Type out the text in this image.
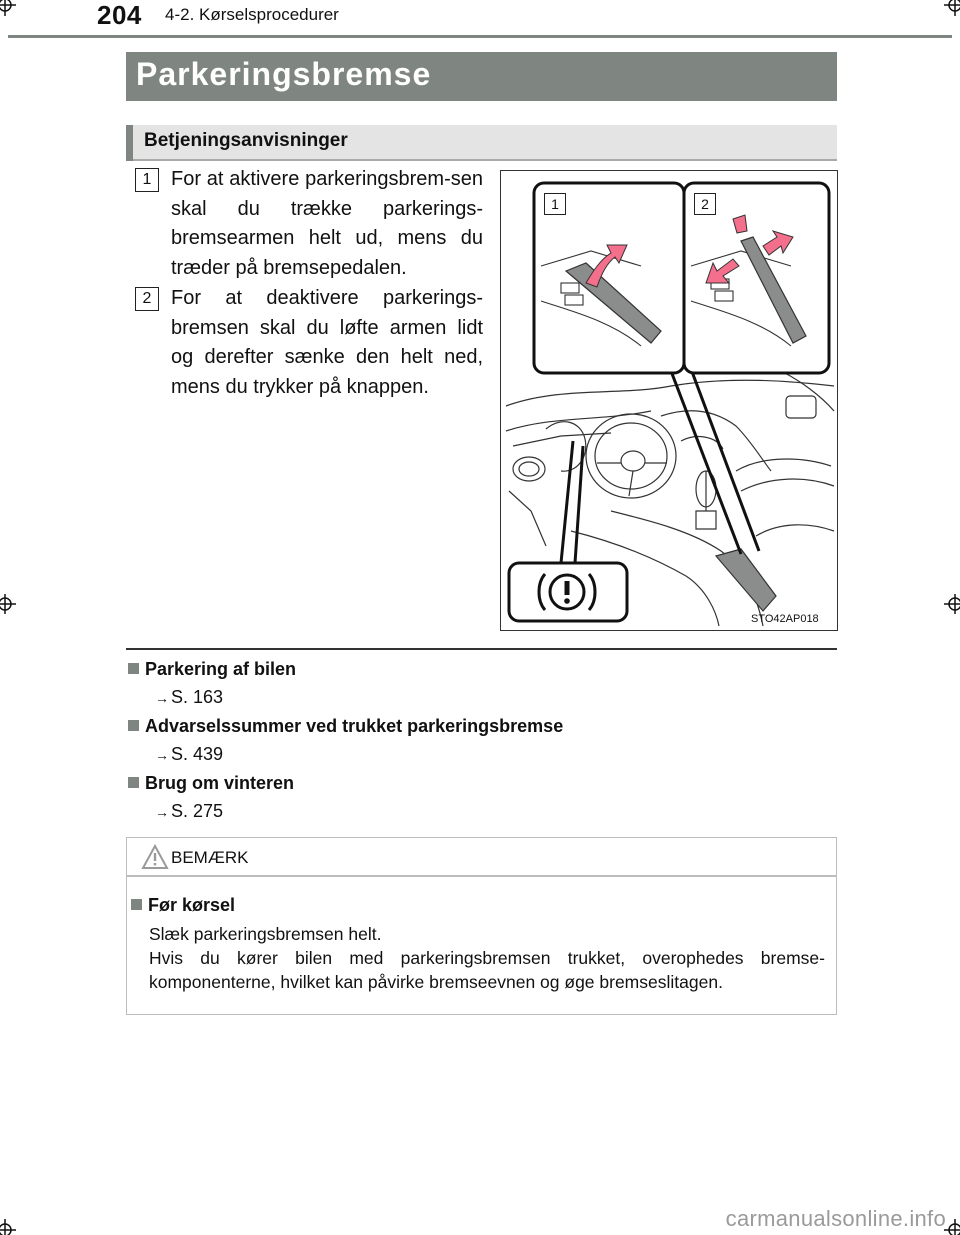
204 4-2. Kørselsprocedurer
Parkeringsbremse
Betjeningsanvisninger
1 For at aktivere parkeringsbrem-sen skal du trække parkerings-bremsearmen helt ud, mens du træder på bremsepedalen.
2 For at deaktivere parkerings-bremsen skal du løfte armen lidt og derefter sænke den helt ned, mens du trykker på knappen.
1	2
STO42AP018
Parkering af bilen
→ S. 163
Advarselssummer ved trukket parkeringsbremse
→ S. 439
Brug om vinteren
→ S. 275
BEMÆRK
Før kørsel
Slæk parkeringsbremsen helt.
Hvis du kører bilen med parkeringsbremsen trukket, overophedes bremse-komponenterne, hvilket kan påvirke bremseevnen og øge bremseslitagen.
carmanualsonline.info
